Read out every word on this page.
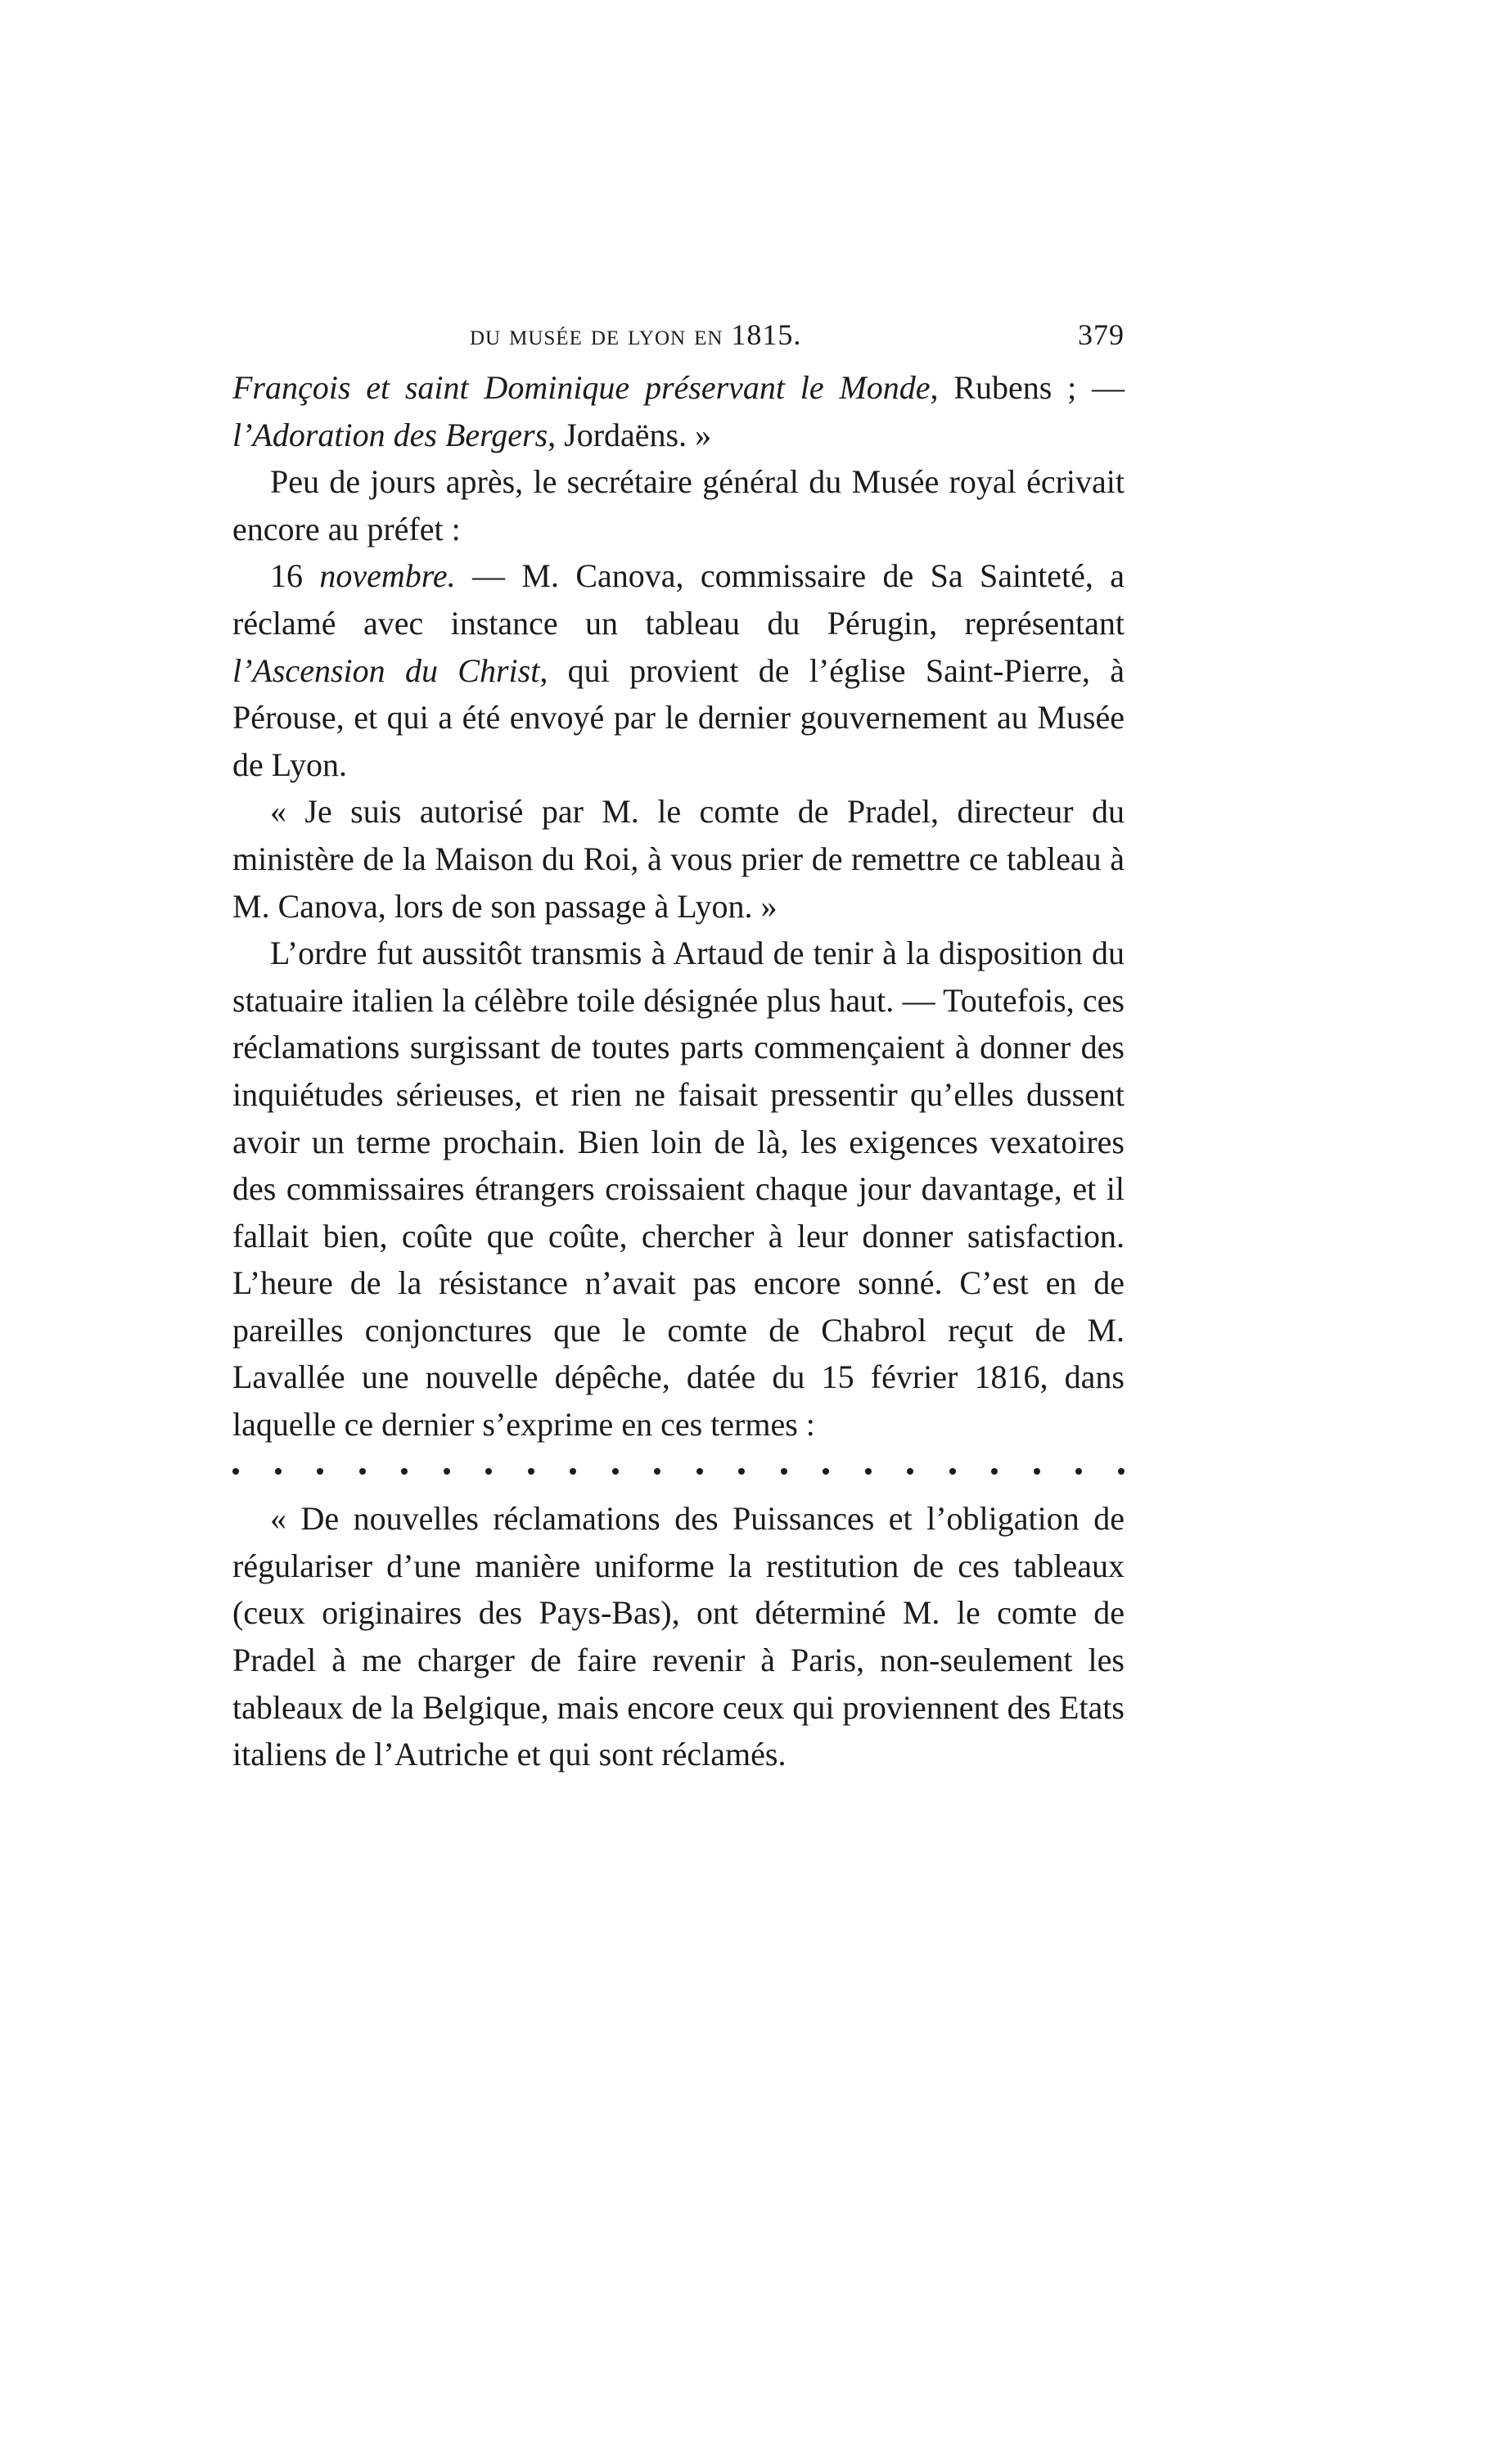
du musée de lyon en 1815.	379

François et saint Dominique préservant le Monde, Rubens ; — l’Adoration des Bergers, Jordaëns. »

Peu de jours après, le secrétaire général du Musée royal écrivait encore au préfet :

16 novembre. — M. Canova, commissaire de Sa Sainteté, a réclamé avec instance un tableau du Pérugin, représentant l’Ascension du Christ, qui provient de l’église Saint-Pierre, à Pérouse, et qui a été envoyé par le dernier gouvernement au Musée de Lyon.

« Je suis autorisé par M. le comte de Pradel, directeur du ministère de la Maison du Roi, à vous prier de remettre ce tableau à M. Canova, lors de son passage à Lyon. »

L’ordre fut aussitôt transmis à Artaud de tenir à la disposition du statuaire italien la célèbre toile désignée plus haut. — Toutefois, ces réclamations surgissant de toutes parts commençaient à donner des inquiétudes sérieuses, et rien ne faisait pressentir qu’elles dussent avoir un terme prochain. Bien loin de là, les exigences vexatoires des commissaires étrangers croissaient chaque jour davantage, et il fallait bien, coûte que coûte, chercher à leur donner satisfaction. L’heure de la résistance n’avait pas encore sonné. C’est en de pareilles conjonctures que le comte de Chabrol reçut de M. Lavallée une nouvelle dépêche, datée du 15 février 1816, dans laquelle ce dernier s’exprime en ces termes :

« De nouvelles réclamations des Puissances et l’obligation de régulariser d’une manière uniforme la restitution de ces tableaux (ceux originaires des Pays-Bas), ont déterminé M. le comte de Pradel à me charger de faire revenir à Paris, non-seulement les tableaux de la Belgique, mais encore ceux qui proviennent des Etats italiens de l’Autriche et qui sont réclamés.
